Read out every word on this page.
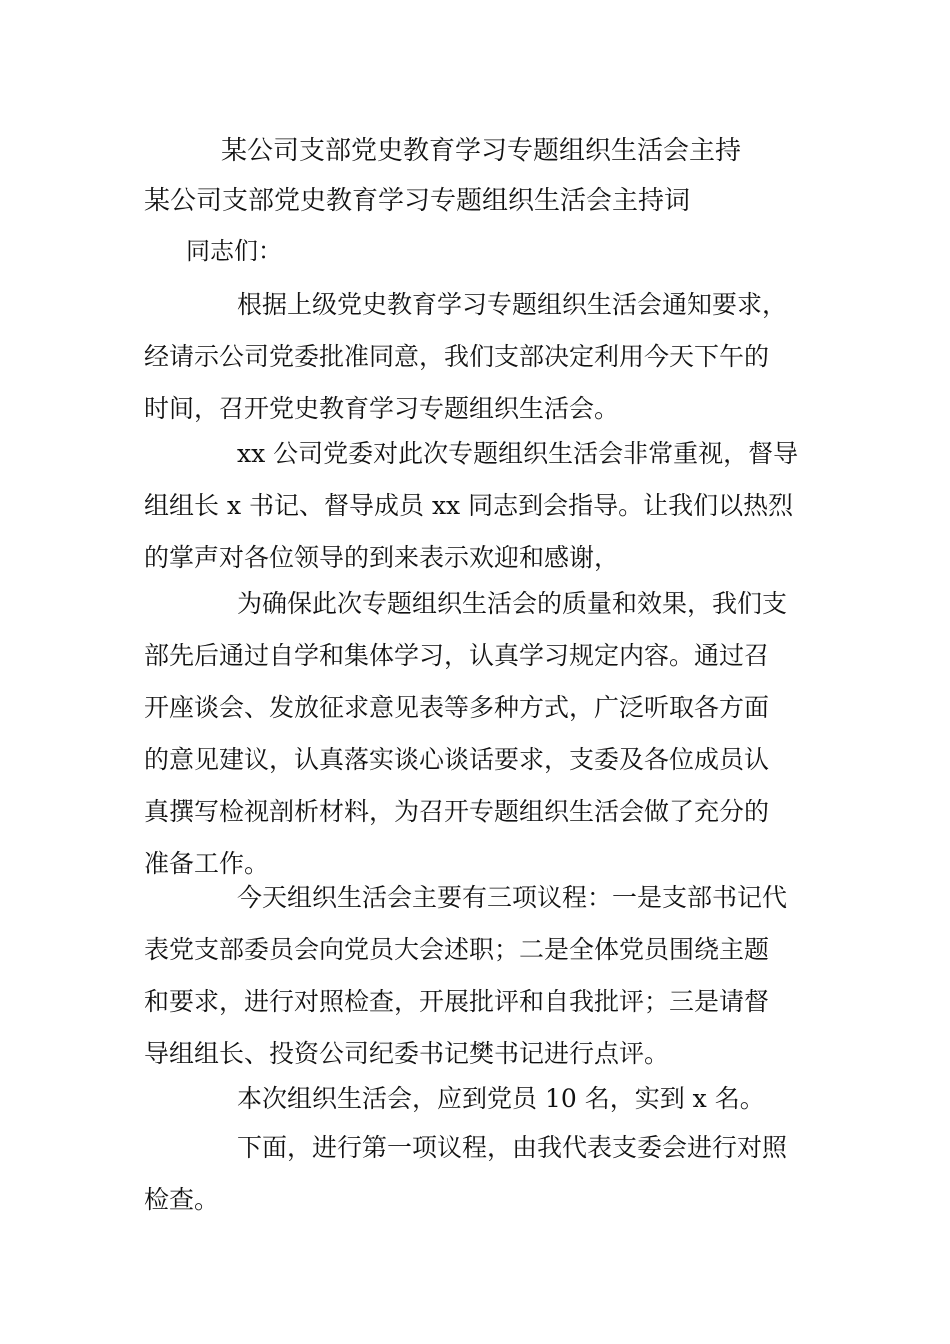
某公司支部党史教育学习专题组织生活会主持
某公司支部党史教育学习专题组织生活会主持词
同志们：
根据上级党史教育学习专题组织生活会通知要求，
经请示公司党委批准同意，我们支部决定利用今天下午的
时间，召开党史教育学习专题组织生活会。
xx 公司党委对此次专题组织生活会非常重视，督导
组组长 x 书记、督导成员 xx 同志到会指导。让我们以热烈
的掌声对各位领导的到来表示欢迎和感谢，
为确保此次专题组织生活会的质量和效果，我们支
部先后通过自学和集体学习，认真学习规定内容。通过召
开座谈会、发放征求意见表等多种方式，广泛听取各方面
的意见建议，认真落实谈心谈话要求，支委及各位成员认
真撰写检视剖析材料，为召开专题组织生活会做了充分的
准备工作。
今天组织生活会主要有三项议程：一是支部书记代
表党支部委员会向党员大会述职；二是全体党员围绕主题
和要求，进行对照检查，开展批评和自我批评；三是请督
导组组长、投资公司纪委书记樊书记进行点评。
本次组织生活会，应到党员 10 名，实到 x 名。
下面，进行第一项议程，由我代表支委会进行对照
检查。
